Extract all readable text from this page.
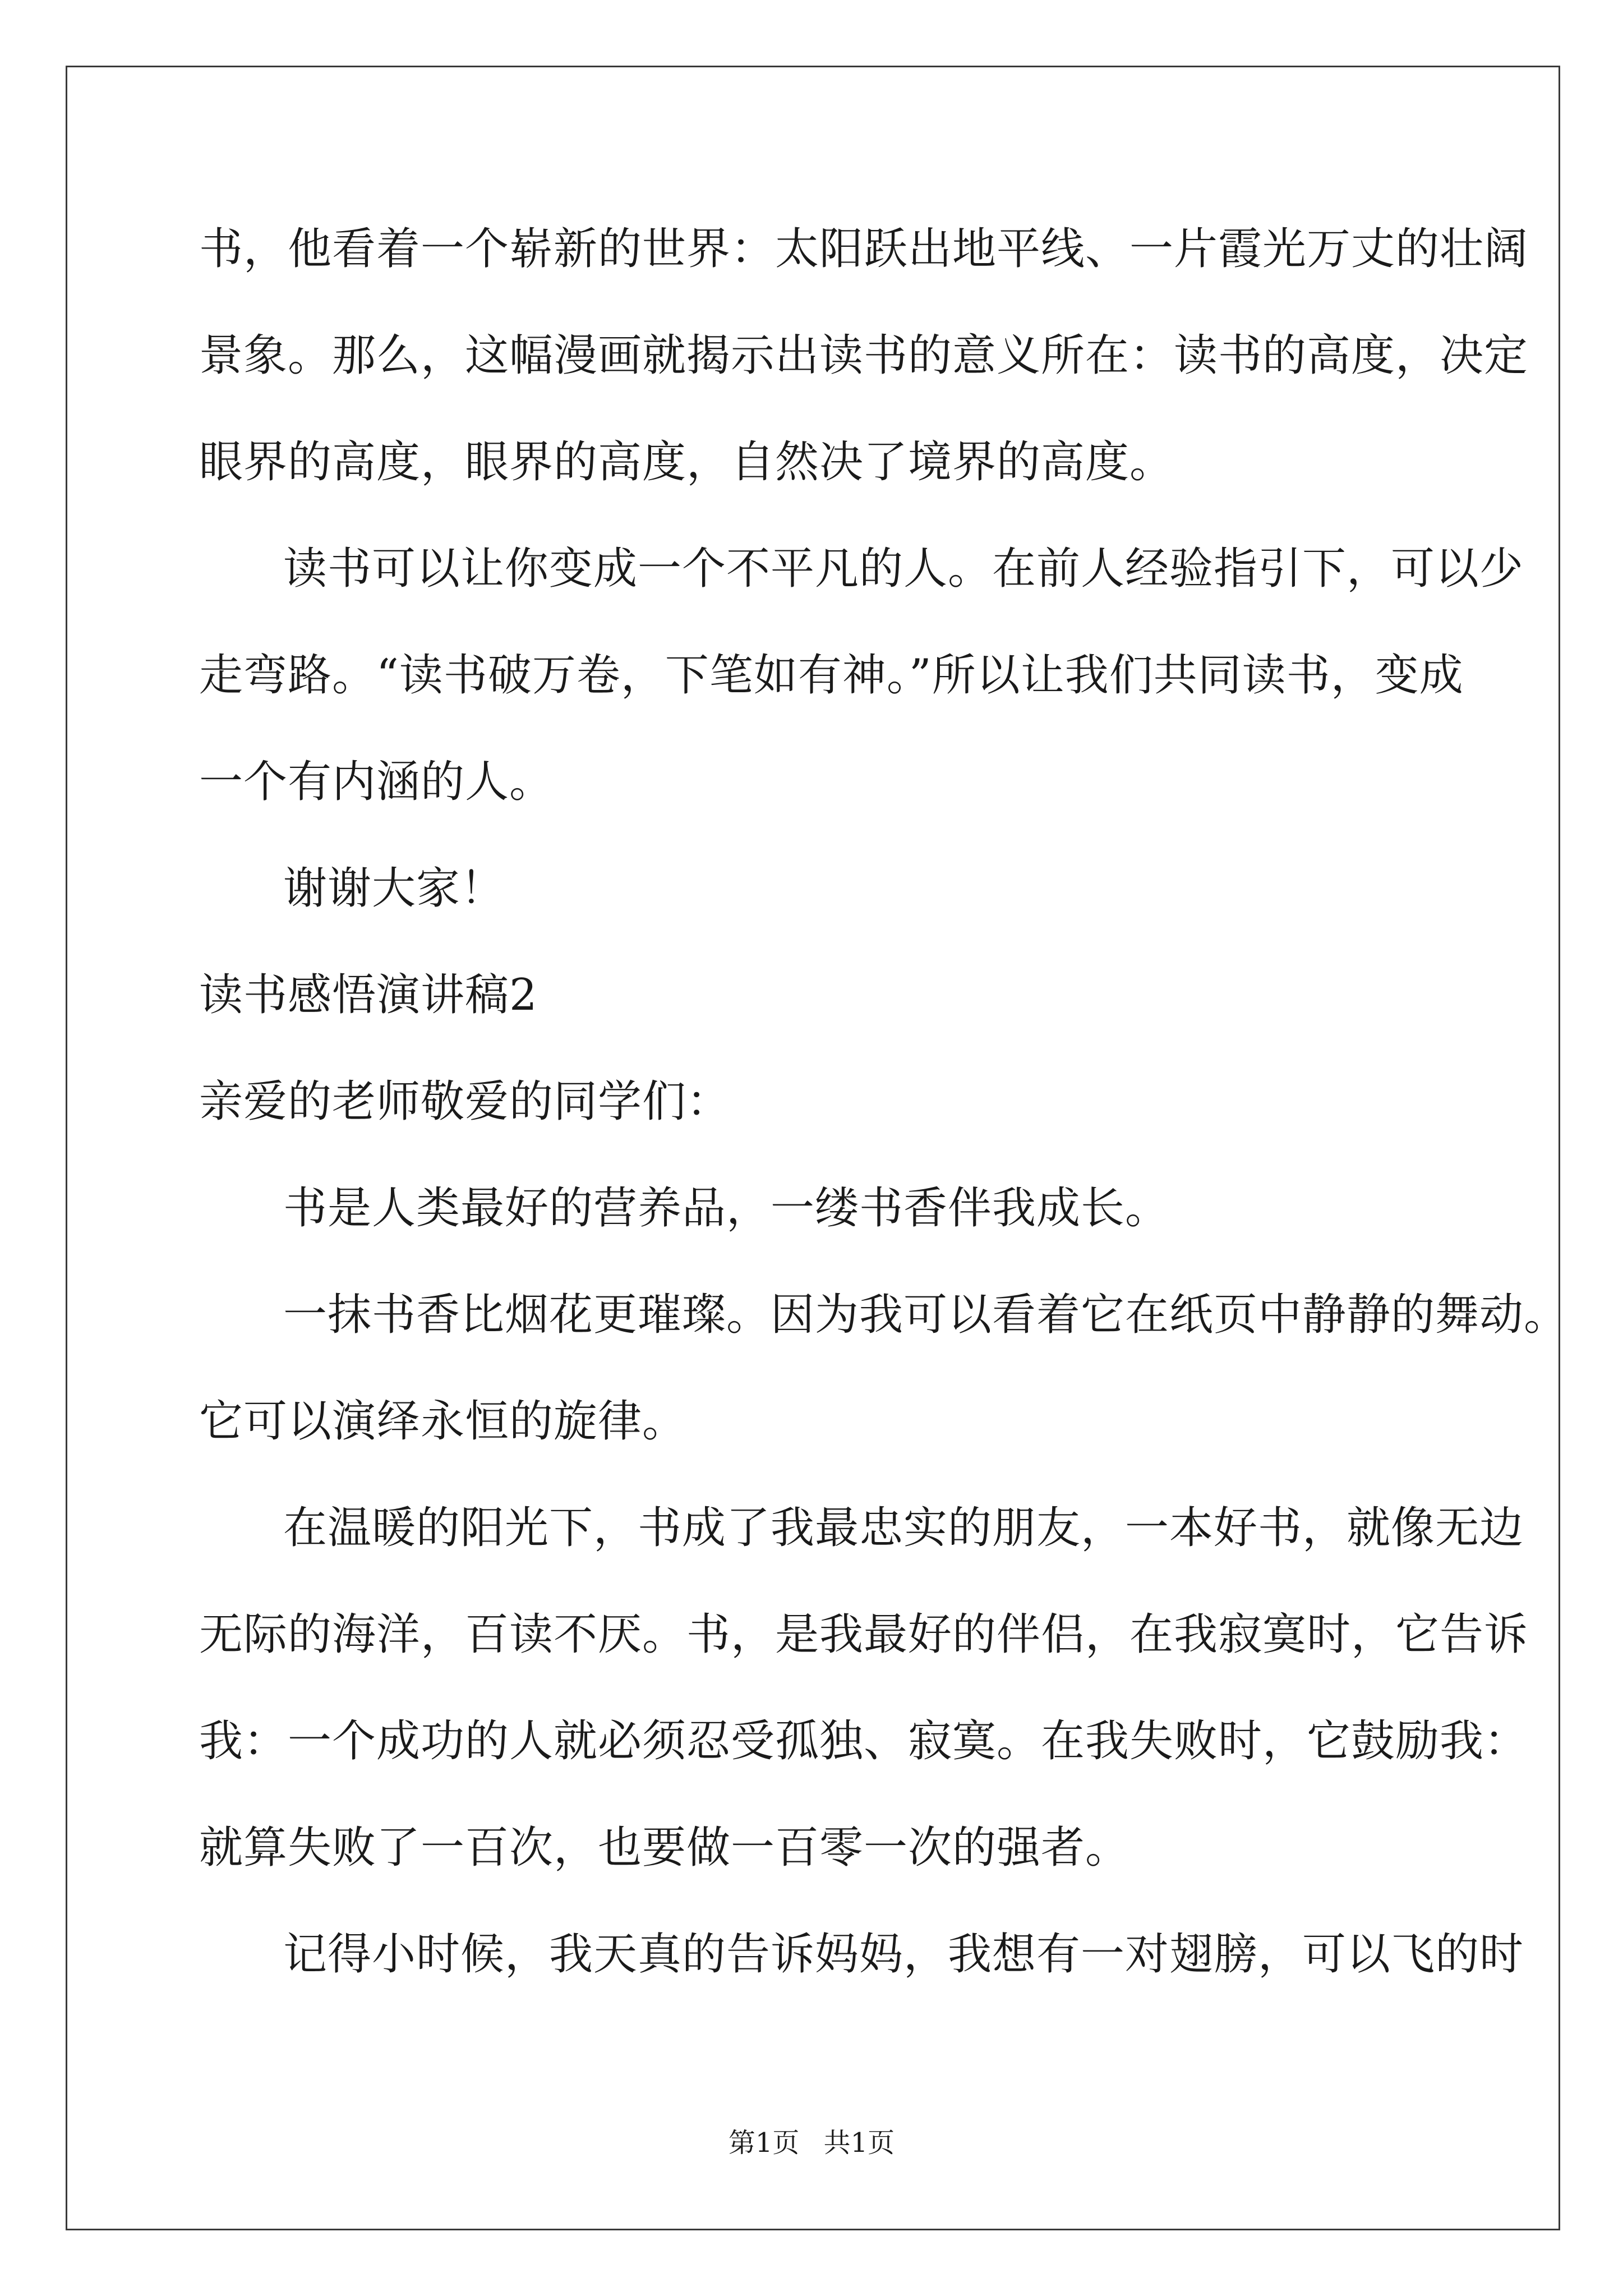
书，他看着一个崭新的世界：太阳跃出地平线、一片霞光万丈的壮阔
景象。那么，这幅漫画就揭示出读书的意义所在：读书的高度，决定
眼界的高度，眼界的高度，自然决了境界的高度。
读书可以让你变成一个不平凡的人。在前人经验指引下，可以少
走弯路。“读书破万卷，下笔如有神。”所以让我们共同读书，变成
一个有内涵的人。
谢谢大家！
读书感悟演讲稿2
亲爱的老师敬爱的同学们：
书是人类最好的营养品，一缕书香伴我成长。
一抹书香比烟花更璀璨。因为我可以看着它在纸页中静静的舞动。
它可以演绎永恒的旋律。
在温暖的阳光下，书成了我最忠实的朋友，一本好书，就像无边
无际的海洋，百读不厌。书，是我最好的伴侣，在我寂寞时，它告诉
我：一个成功的人就必须忍受孤独、寂寞。在我失败时，它鼓励我：
就算失败了一百次，也要做一百零一次的强者。
记得小时候，我天真的告诉妈妈，我想有一对翅膀，可以飞的时
第1页 共1页
